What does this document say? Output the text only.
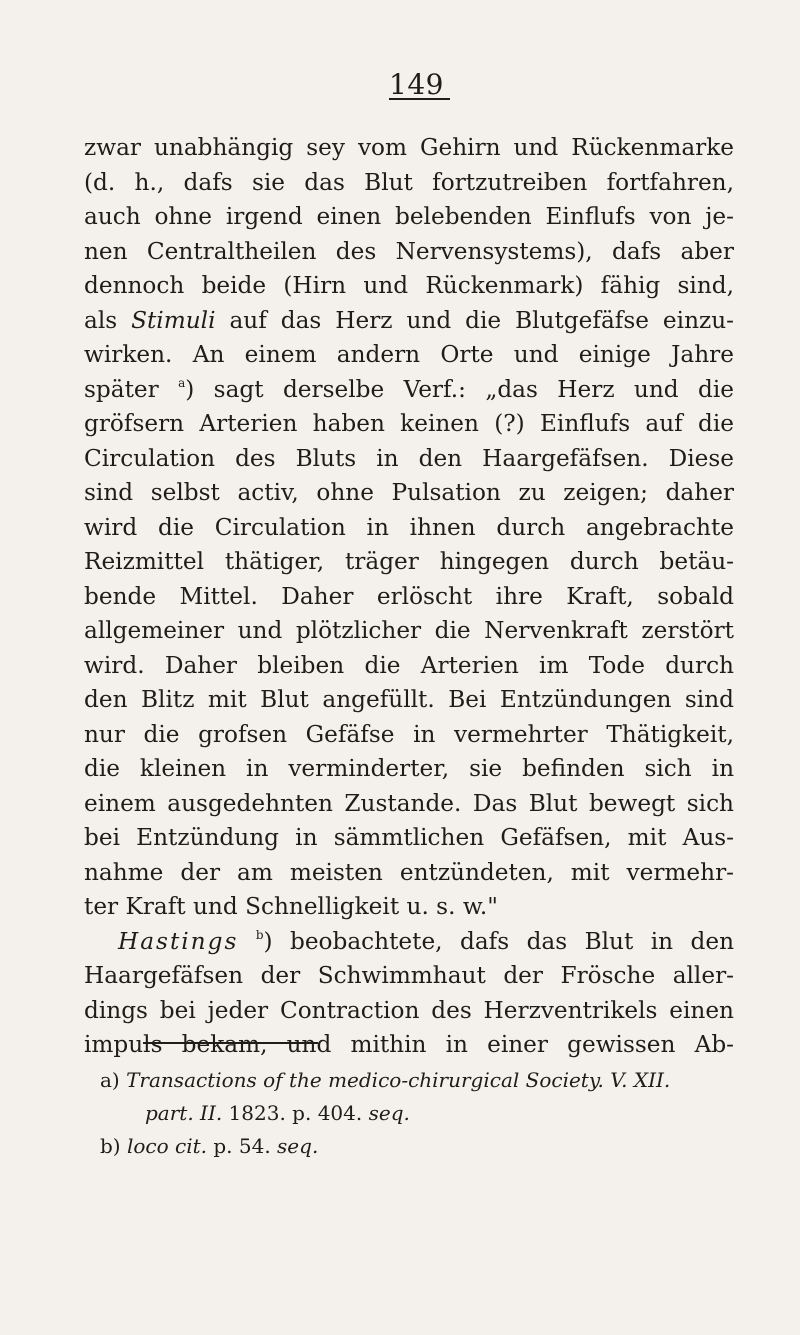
149
zwar unabhängig sey vom Gehirn und Rückenmarke
(d. h., dafs sie das Blut fortzutreiben fortfahren,
auch ohne irgend einen belebenden Einflufs von je-
nen Centraltheilen des Nervensystems), dafs aber
dennoch beide (Hirn und Rückenmark) fähig sind,
als Stimuli auf das Herz und die Blutgefäfse einzu-
wirken. An einem andern Orte und einige Jahre
später $^a$) sagt derselbe Verf.: „das Herz und die
gröfsern Arterien haben keinen (?) Einflufs auf die
Circulation des Bluts in den Haargefäfsen. Diese
sind selbst activ, ohne Pulsation zu zeigen; daher
wird die Circulation in ihnen durch angebrachte
Reizmittel thätiger, träger hingegen durch betäu-
bende Mittel. Daher erlöscht ihre Kraft, sobald
allgemeiner und plötzlicher die Nervenkraft zerstört
wird. Daher bleiben die Arterien im Tode durch
den Blitz mit Blut angefüllt. Bei Entzündungen sind
nur die grofsen Gefäfse in vermehrter Thätigkeit,
die kleinen in verminderter, sie befinden sich in
einem ausgedehnten Zustande. Das Blut bewegt sich
bei Entzündung in sämmtlichen Gefäfsen, mit Aus-
nahme der am meisten entzündeten, mit vermehr-
ter Kraft und Schnelligkeit u. s. w."
Hastings $^b$) beobachtete, dafs das Blut in den
Haargefäfsen der Schwimmhaut der Frösche aller-
dings bei jeder Contraction des Herzventrikels einen
impuls bekam, und mithin in einer gewissen Ab-
a) Transactions of the medico-chirurgical Society. V. XII.
part. II. 1823. p. 404. seq.
b) loco cit. p. 54. seq.
